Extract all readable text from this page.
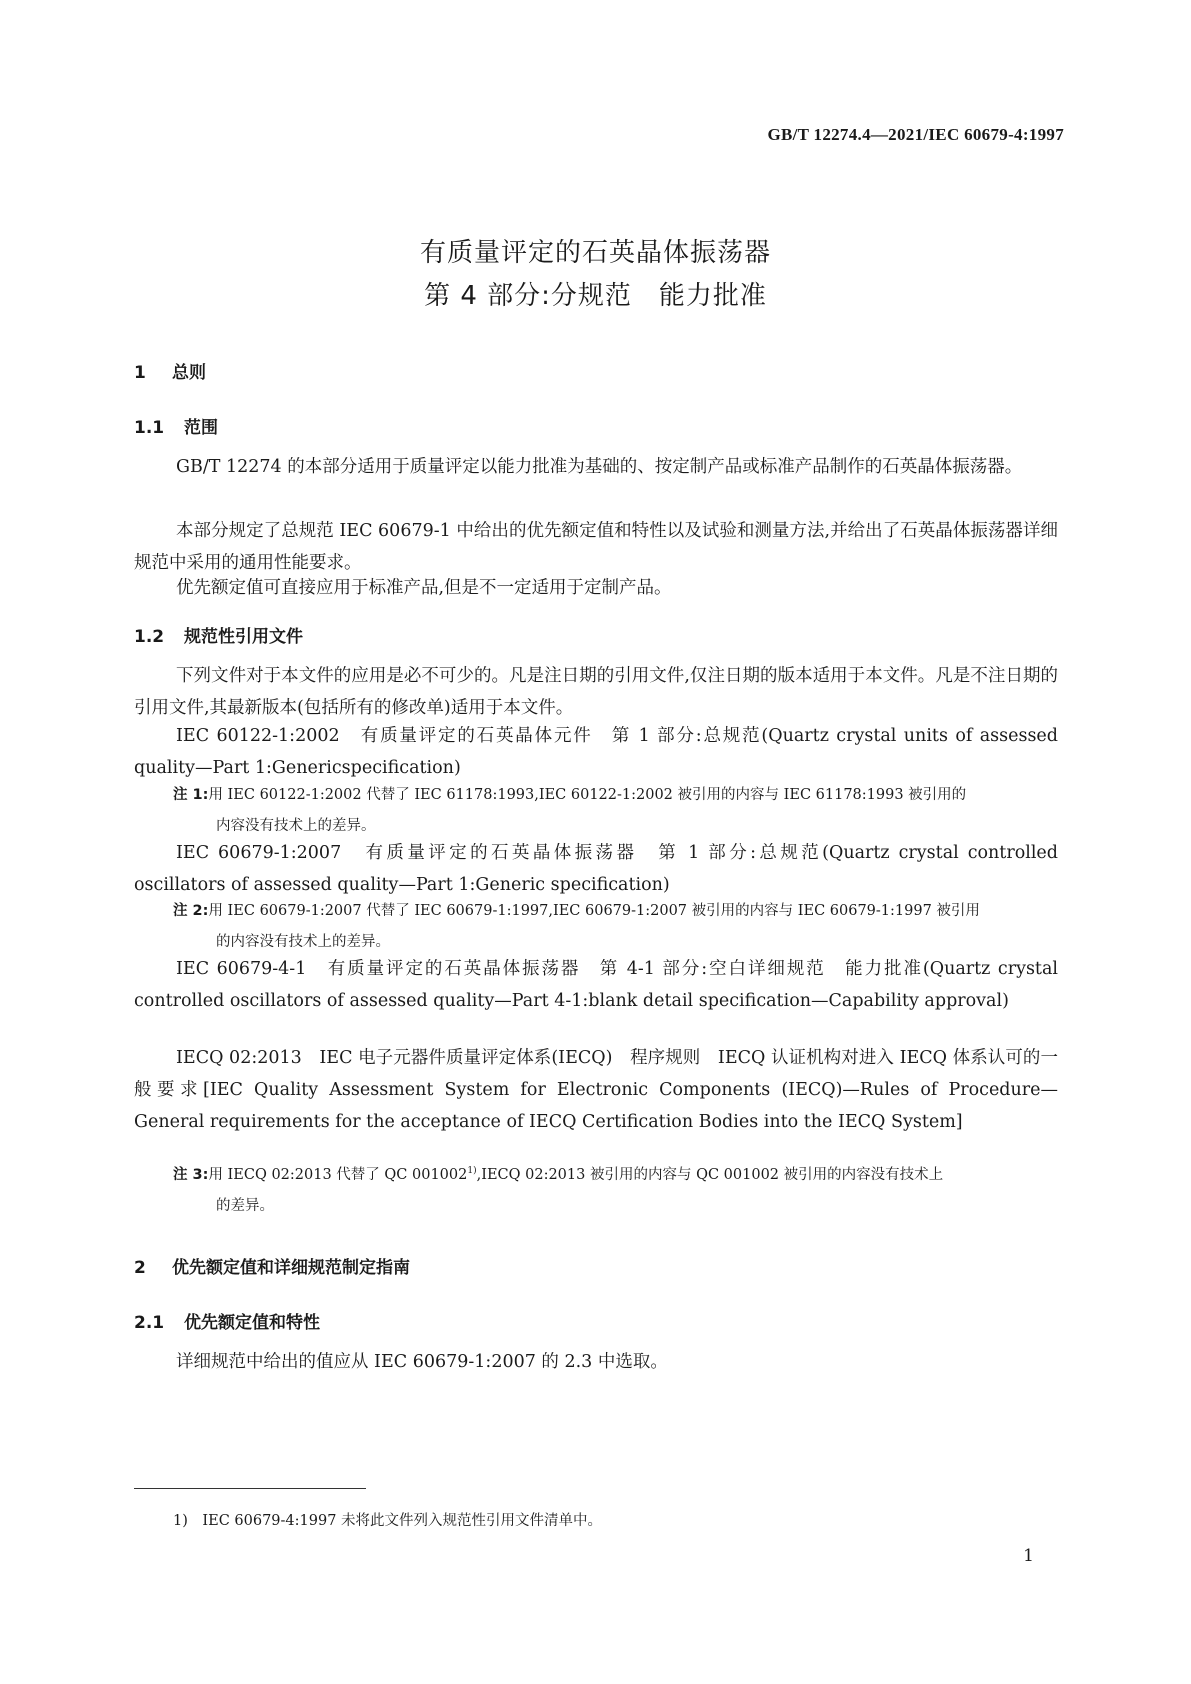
GB/T 12274.4—2021/IEC 60679-4:1997
有质量评定的石英晶体振荡器
第 4 部分:分规范　能力批准
1 总则
1.1 范围
GB/T 12274 的本部分适用于质量评定以能力批准为基础的、按定制产品或标准产品制作的石英晶体振荡器。
本部分规定了总规范 IEC 60679-1 中给出的优先额定值和特性以及试验和测量方法,并给出了石英晶体振荡器详细规范中采用的通用性能要求。
优先额定值可直接应用于标准产品,但是不一定适用于定制产品。
1.2 规范性引用文件
下列文件对于本文件的应用是必不可少的。凡是注日期的引用文件,仅注日期的版本适用于本文件。凡是不注日期的引用文件,其最新版本(包括所有的修改单)适用于本文件。
IEC 60122-1:2002　有质量评定的石英晶体元件　第 1 部分:总规范(Quartz crystal units of assessed quality—Part 1:Genericspecification)
注 1:用 IEC 60122-1:2002 代替了 IEC 61178:1993,IEC 60122-1:2002 被引用的内容与 IEC 61178:1993 被引用的
内容没有技术上的差异。
IEC 60679-1:2007　有质量评定的石英晶体振荡器　第 1 部分:总规范(Quartz crystal controlled oscillators of assessed quality—Part 1:Generic specification)
注 2:用 IEC 60679-1:2007 代替了 IEC 60679-1:1997,IEC 60679-1:2007 被引用的内容与 IEC 60679-1:1997 被引用
的内容没有技术上的差异。
IEC 60679-4-1　有质量评定的石英晶体振荡器　第 4-1 部分:空白详细规范　能力批准(Quartz crystal controlled oscillators of assessed quality—Part 4-1:blank detail specification—Capability approval)
IECQ 02:2013　IEC 电子元器件质量评定体系(IECQ)　程序规则　IECQ 认证机构对进入 IECQ 体系认可的一般要求[IEC Quality Assessment System for Electronic Components (IECQ)—Rules of Procedure—General requirements for the acceptance of IECQ Certification Bodies into the IECQ System]
注 3:用 IECQ 02:2013 代替了 QC 001002$^{1)}$,IECQ 02:2013 被引用的内容与 QC 001002 被引用的内容没有技术上
的差异。
2 优先额定值和详细规范制定指南
2.1 优先额定值和特性
详细规范中给出的值应从 IEC 60679-1:2007 的 2.3 中选取。
1)　IEC 60679-4:1997 未将此文件列入规范性引用文件清单中。
1
